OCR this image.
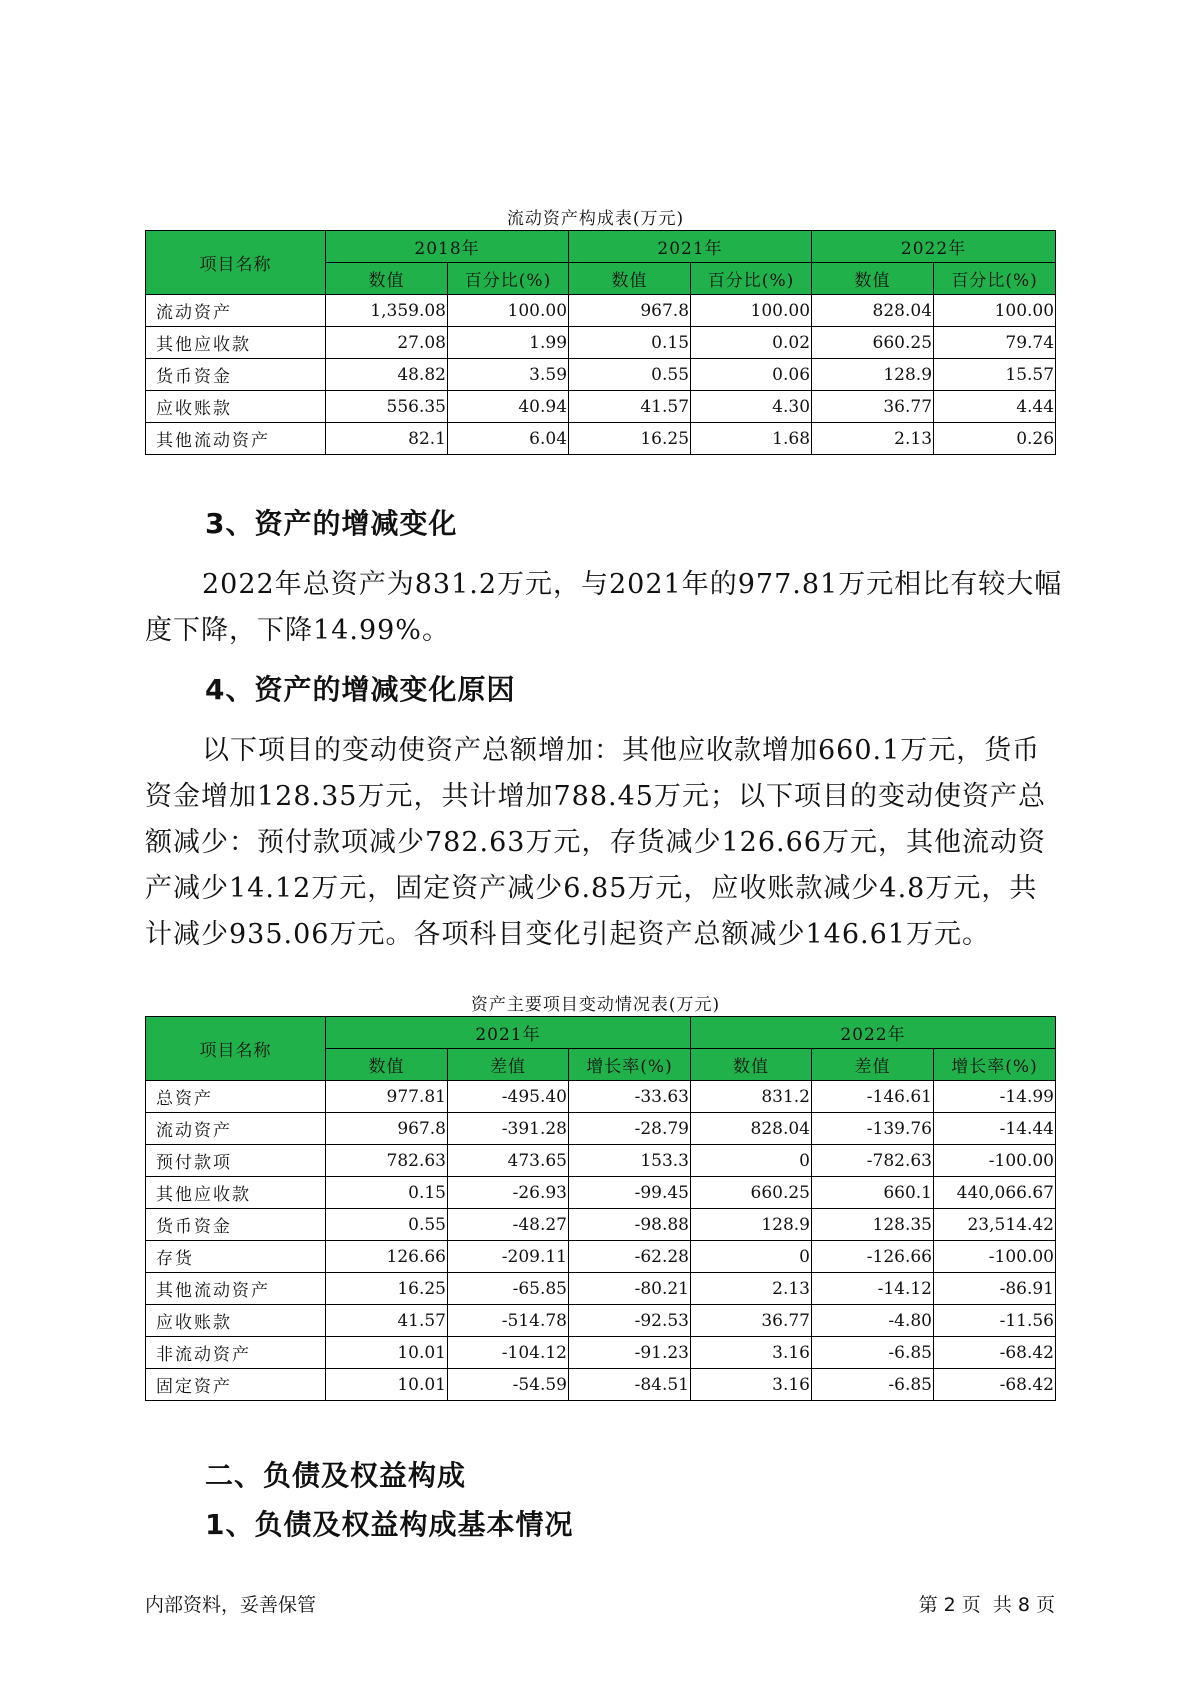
流动资产构成表(万元)
项目名称	2018年		2021年		2022年	
	数值	百分比(%)	数值	百分比(%)	数值	百分比(%)
流动资产	1,359.08	100.00	967.8	100.00	828.04	100.00
其他应收款	27.08	1.99	0.15	0.02	660.25	79.74
货币资金	48.82	3.59	0.55	0.06	128.9	15.57
应收账款	556.35	40.94	41.57	4.30	36.77	4.44
其他流动资产	82.1	6.04	16.25	1.68	2.13	0.26
3、资产的增减变化

2022年总资产为831.2万元，与2021年的977.81万元相比有较大幅度下降，下降14.99%。

4、资产的增减变化原因

以下项目的变动使资产总额增加：其他应收款增加660.1万元，货币资金增加128.35万元，共计增加788.45万元；以下项目的变动使资产总额减少：预付款项减少782.63万元，存货减少126.66万元，其他流动资产减少14.12万元，固定资产减少6.85万元，应收账款减少4.8万元，共计减少935.06万元。各项科目变化引起资产总额减少146.61万元。

资产主要项目变动情况表(万元)
项目名称	2021年			2022年		
	数值	差值	增长率(%)	数值	差值	增长率(%)
总资产	977.81	-495.40	-33.63	831.2	-146.61	-14.99
流动资产	967.8	-391.28	-28.79	828.04	-139.76	-14.44
预付款项	782.63	473.65	153.3	0	-782.63	-100.00
其他应收款	0.15	-26.93	-99.45	660.25	660.1	440,066.67
货币资金	0.55	-48.27	-98.88	128.9	128.35	23,514.42
存货	126.66	-209.11	-62.28	0	-126.66	-100.00
其他流动资产	16.25	-65.85	-80.21	2.13	-14.12	-86.91
应收账款	41.57	-514.78	-92.53	36.77	-4.80	-11.56
非流动资产	10.01	-104.12	-91.23	3.16	-6.85	-68.42
固定资产	10.01	-54.59	-84.51	3.16	-6.85	-68.42
二、负债及权益构成
1、负债及权益构成基本情况
内部资料，妥善保管	第 2 页  共 8 页
